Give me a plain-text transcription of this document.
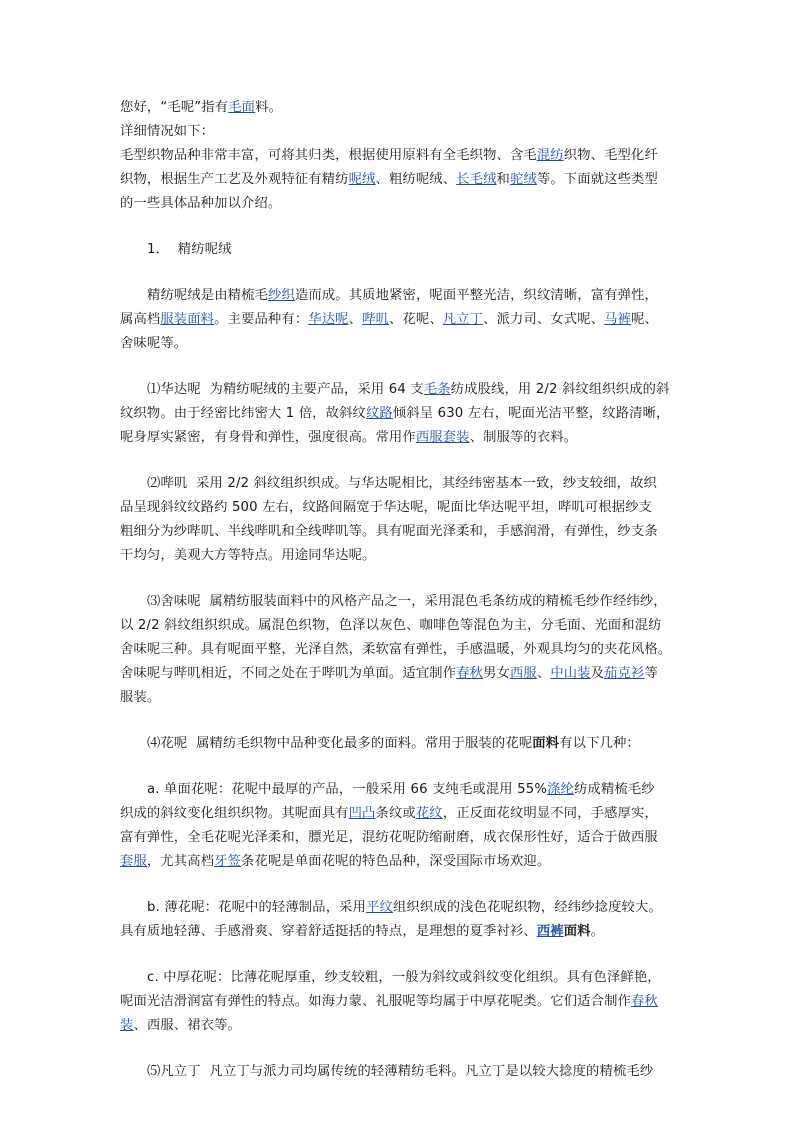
您好，“毛呢”指有毛面料。
详细情况如下：
毛型织物品种非常丰富，可将其归类，根据使用原料有全毛织物、含毛混纺织物、毛型化纤
织物，根据生产工艺及外观特征有精纺呢绒、粗纺呢绒、长毛绒和驼绒等。下面就这些类型
的一些具体品种加以介绍。
1．  精纺呢绒
精纺呢绒是由精梳毛纱织造而成。其质地紧密，呢面平整光洁，织纹清晰，富有弹性，
属高档服装面料。主要品种有：华达呢、哔叽、花呢、凡立丁、派力司、女式呢、马裤呢、
舍味呢等。
⑴华达呢  为精纺呢绒的主要产品，采用 64 支毛条纺成股线，用 2/2 斜纹组织织成的斜
纹织物。由于经密比纬密大 1 倍，故斜纹纹路倾斜呈 630 左右，呢面光洁平整，纹路清晰，
呢身厚实紧密，有身骨和弹性，强度很高。常用作西服套装、制服等的衣料。
⑵哔叽  采用 2/2 斜纹组织织成。与华达呢相比，其经纬密基本一致，纱支较细，故织
品呈现斜纹纹路约 500 左右，纹路间隔宽于华达呢，呢面比华达呢平坦，哔叽可根据纱支
粗细分为纱哔叽、半线哔叽和全线哔叽等。具有呢面光泽柔和，手感润滑，有弹性，纱支条
干均匀，美观大方等特点。用途同华达呢。
⑶舍味呢  属精纺服装面料中的风格产品之一，采用混色毛条纺成的精梳毛纱作经纬纱，
以 2/2 斜纹组织织成。属混色织物，色泽以灰色、咖啡色等混色为主，分毛面、光面和混纺
舍味呢三种。具有呢面平整，光泽自然，柔软富有弹性，手感温暖，外观具均匀的夹花风格。
舍味呢与哔叽相近，不同之处在于哔叽为单面。适宜制作春秋男女西服、中山装及茄克衫等
服装。
⑷花呢  属精纺毛织物中品种变化最多的面料。常用于服装的花呢面料有以下几种：
a. 单面花呢：花呢中最厚的产品，一般采用 66 支纯毛或混用 55%涤纶纺成精梳毛纱
织成的斜纹变化组织织物。其呢面具有凹凸条纹或花纹，正反面花纹明显不同，手感厚实，
富有弹性，全毛花呢光泽柔和，膘光足，混纺花呢防缩耐磨，成衣保形性好，适合于做西服
套服，尤其高档牙签条花呢是单面花呢的特色品种，深受国际市场欢迎。
b. 薄花呢：花呢中的轻薄制品，采用平纹组织织成的浅色花呢织物，经纬纱捻度较大。
具有质地轻薄、手感滑爽、穿着舒适挺括的特点，是理想的夏季衬衫、西裤面料。
c. 中厚花呢：比薄花呢厚重，纱支较粗，一般为斜纹或斜纹变化组织。具有色泽鲜艳，
呢面光洁滑润富有弹性的特点。如海力蒙、礼服呢等均属于中厚花呢类。它们适合制作春秋
装、西服、裙衣等。
⑸凡立丁  凡立丁与派力司均属传统的轻薄精纺毛料。凡立丁是以较大捻度的精梳毛纱
